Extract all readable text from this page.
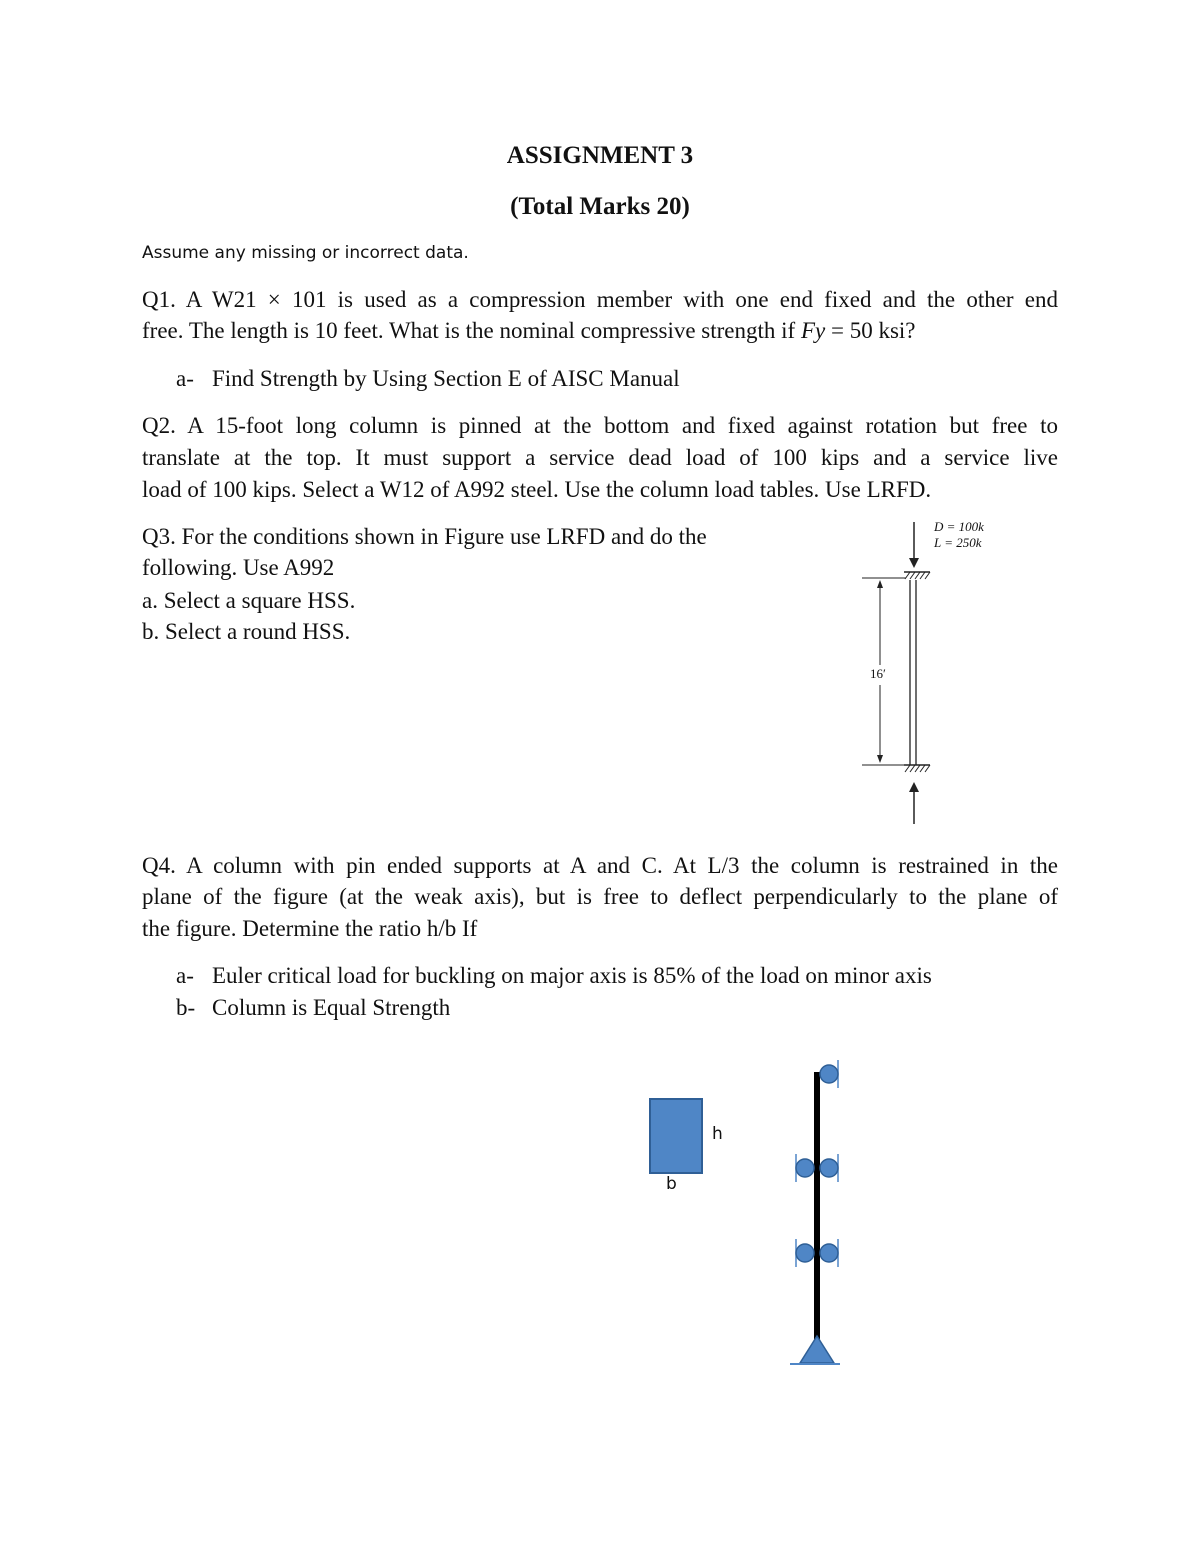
ASSIGNMENT 3
(Total Marks 20)
Assume any missing or incorrect data.
Q1. A W21 × 101 is used as a compression member with one end fixed and the other end
free. The length is 10 feet. What is the nominal compressive strength if Fy = 50 ksi?
a- Find Strength by Using Section E of AISC Manual
Q2. A 15-foot long column is pinned at the bottom and fixed against rotation but free to
translate at the top. It must support a service dead load of 100 kips and a service live
load of 100 kips. Select a W12 of A992 steel. Use the column load tables. Use LRFD.
Q3. For the conditions shown in Figure use LRFD and do the
following. Use A992
a. Select a square HSS.
b. Select a round HSS.
D = 100k
L = 250k
16′
Q4. A column with pin ended supports at A and C. At L/3 the column is restrained in the
plane of the figure (at the weak axis), but is free to deflect perpendicularly to the plane of
the figure. Determine the ratio h/b If
a- Euler critical load for buckling on major axis is 85% of the load on minor axis
b- Column is Equal Strength
h
b
